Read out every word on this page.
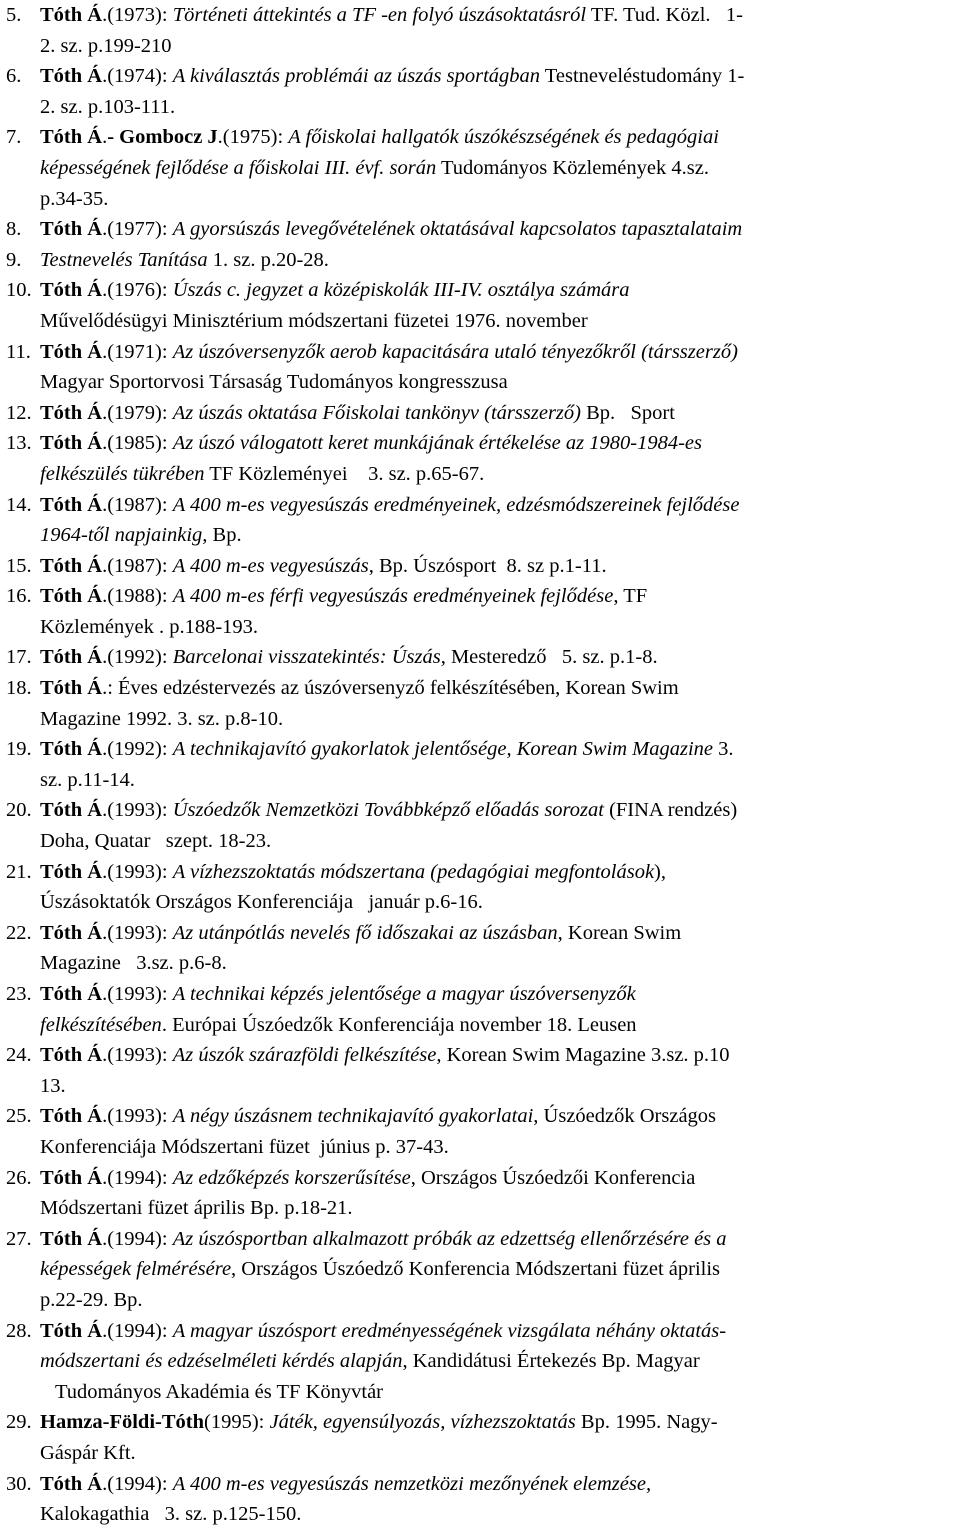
5. Tóth Á.(1973): Történeti áttekintés a TF -en folyó úszásoktatásról TF. Tud. Közl.   1-
2. sz. p.199-210
6. Tóth Á.(1974): A kiválasztás problémái az úszás sportágban Testneveléstudomány 1-
2. sz. p.103-111.
7. Tóth Á.- Gombocz J.(1975): A főiskolai hallgatók úszókészségének és pedagógiai
képességének fejlődése a főiskolai III. évf. során Tudományos Közlemények 4.sz.
p.34-35.
8. Tóth Á.(1977): A gyorsúszás levegővételének oktatásával kapcsolatos tapasztalataim
9. Testnevelés Tanítása 1. sz. p.20-28.
10. Tóth Á.(1976): Úszás c. jegyzet a középiskolák III-IV. osztálya számára
Művelődésügyi Minisztérium módszertani füzetei 1976. november
11. Tóth Á.(1971): Az úszóversenyzők aerob kapacitására utaló tényezőkről (társszerző)
Magyar Sportorvosi Társaság Tudományos kongresszusa
12. Tóth Á.(1979): Az úszás oktatása Főiskolai tankönyv (társszerző) Bp.   Sport
13. Tóth Á.(1985): Az úszó válogatott keret munkájának értékelése az 1980-1984-es
felkészülés tükrében TF Közleményei    3. sz. p.65-67.
14. Tóth Á.(1987): A 400 m-es vegyesúszás eredményeinek, edzésmódszereinek fejlődése
1964-től napjainkig, Bp.
15. Tóth Á.(1987): A 400 m-es vegyesúszás, Bp. Úszósport  8. sz p.1-11.
16. Tóth Á.(1988): A 400 m-es férfi vegyesúszás eredményeinek fejlődése, TF
Közlemények . p.188-193.
17. Tóth Á.(1992): Barcelonai visszatekintés: Úszás, Mesteredző   5. sz. p.1-8.
18. Tóth Á.: Éves edzéstervezés az úszóversenyző felkészítésében, Korean Swim
Magazine 1992. 3. sz. p.8-10.
19. Tóth Á.(1992): A technikajavító gyakorlatok jelentősége, Korean Swim Magazine 3.
sz. p.11-14.
20. Tóth Á.(1993): Úszóedzők Nemzetközi Továbbképző előadás sorozat (FINA rendzés)
Doha, Quatar   szept. 18-23.
21. Tóth Á.(1993): A vízhezszoktatás módszertana (pedagógiai megfontolások),
Úszásoktatók Országos Konferenciája   január p.6-16.
22. Tóth Á.(1993): Az utánpótlás nevelés fő időszakai az úszásban, Korean Swim
Magazine   3.sz. p.6-8.
23. Tóth Á.(1993): A technikai képzés jelentősége a magyar úszóversenyzők
felkészítésében. Európai Úszóedzők Konferenciája november 18. Leusen
24. Tóth Á.(1993): Az úszók szárazföldi felkészítése, Korean Swim Magazine 3.sz. p.10
13.
25. Tóth Á.(1993): A négy úszásnem technikajavító gyakorlatai, Úszóedzők Országos
Konferenciája Módszertani füzet  június p. 37-43.
26. Tóth Á.(1994): Az edzőképzés korszerűsítése, Országos Úszóedzői Konferencia
Módszertani füzet április Bp. p.18-21.
27. Tóth Á.(1994): Az úszósportban alkalmazott próbák az edzettség ellenőrzésére és a
képességek felmérésére, Országos Úszóedző Konferencia Módszertani füzet április
p.22-29. Bp.
28. Tóth Á.(1994): A magyar úszósport eredményességének vizsgálata néhány oktatás-
módszertani és edzéselméleti kérdés alapján, Kandidátusi Értekezés Bp. Magyar
Tudományos Akadémia és TF Könyvtár
29. Hamza-Földi-Tóth(1995): Játék, egyensúlyozás, vízhezszoktatás Bp. 1995. Nagy-
Gáspár Kft.
30. Tóth Á.(1994): A 400 m-es vegyesúszás nemzetközi mezőnyének elemzése,
Kalokagathia   3. sz. p.125-150.
